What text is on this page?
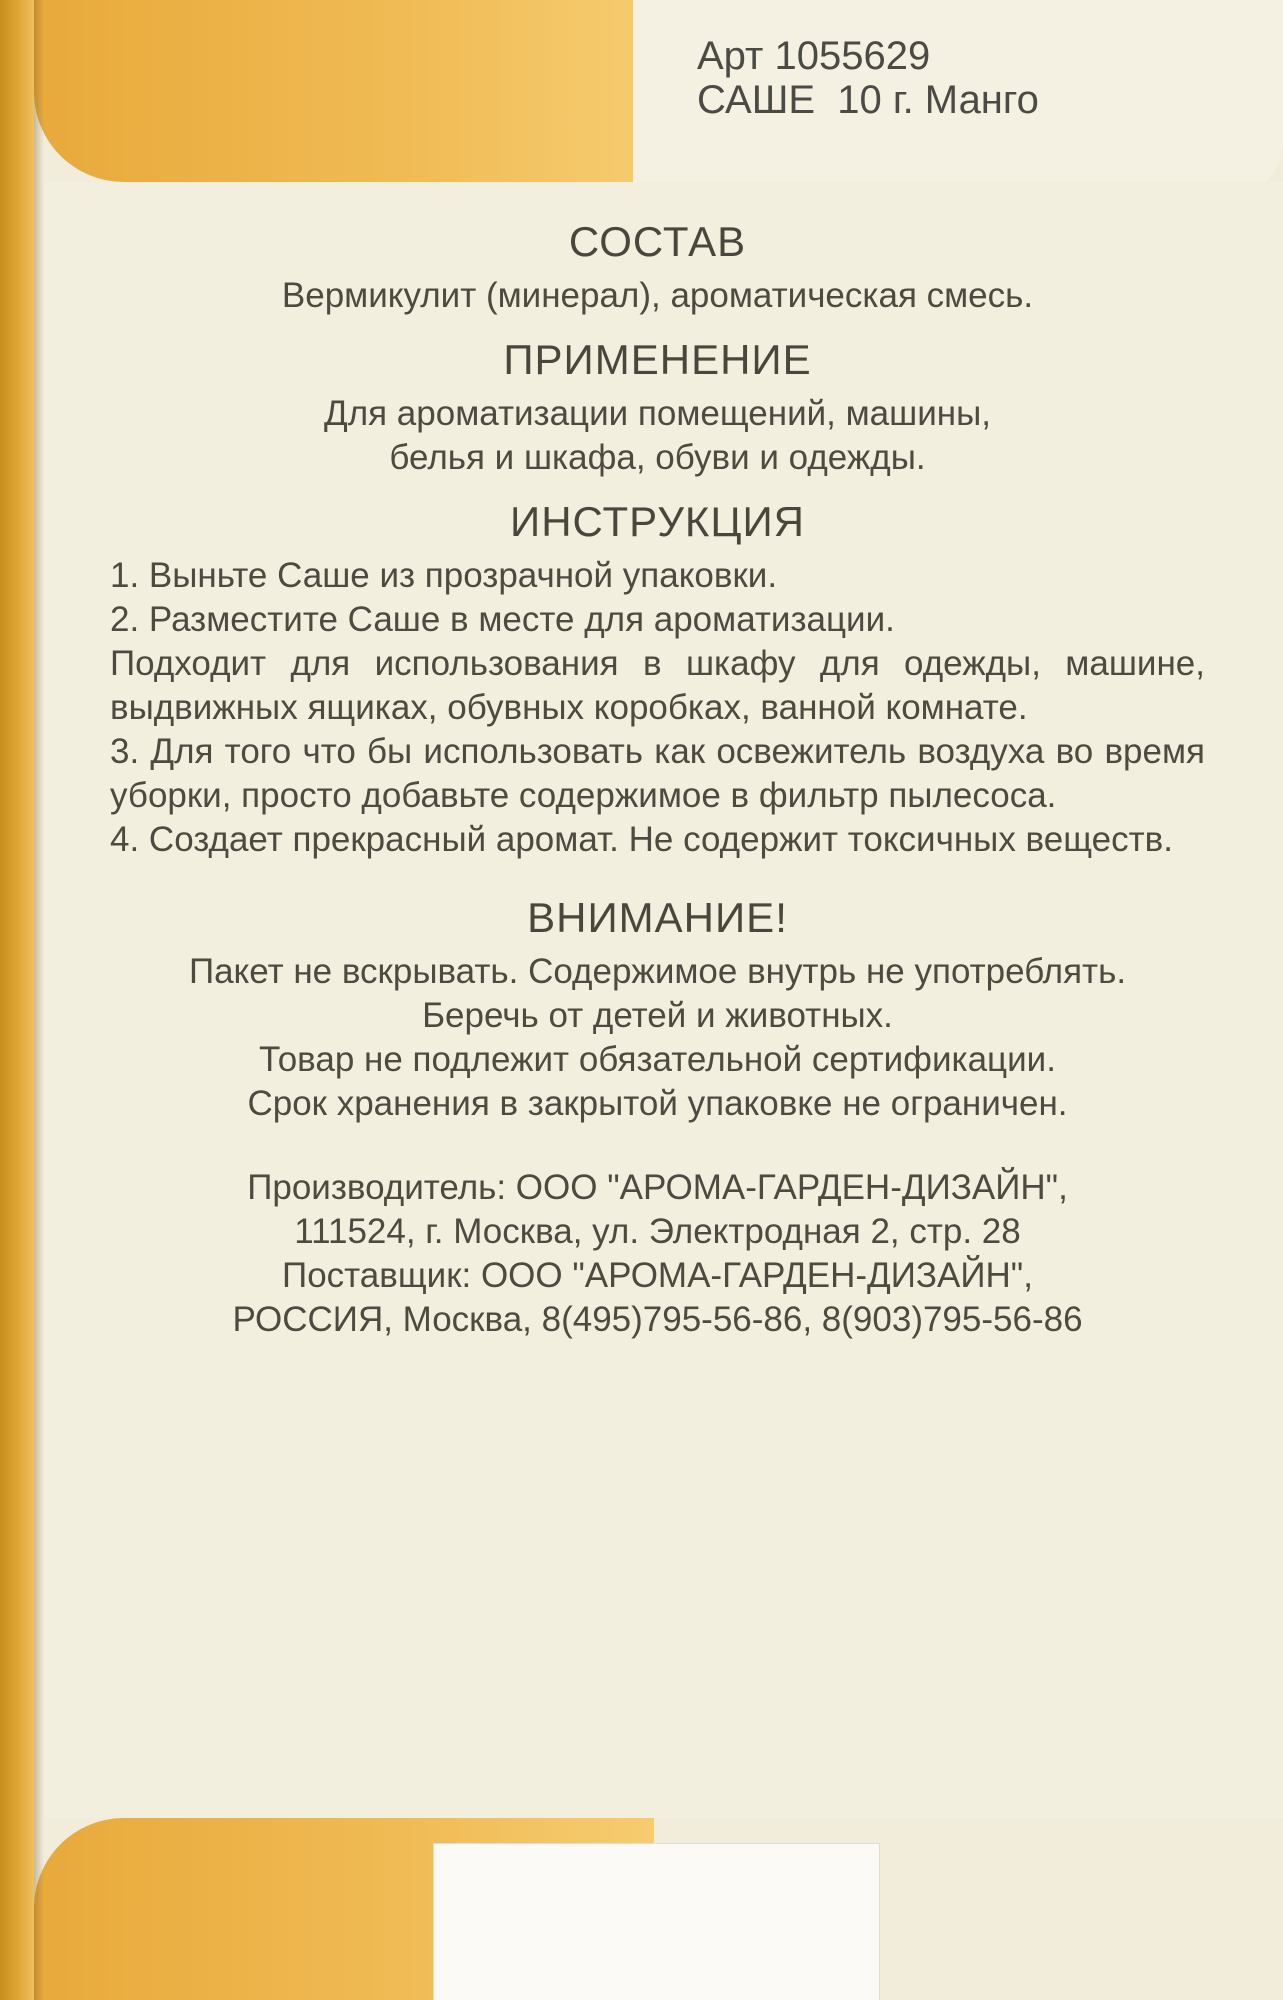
Арт 1055629
САШЕ  10 г. Манго

СОСТАВ

Вермикулит (минерал), ароматическая смесь.

ПРИМЕНЕНИЕ

Для ароматизации помещений, машины,

белья и шкафа, обуви и одежды.

ИНСТРУКЦИЯ

1. Выньте Саше из прозрачной упаковки.

2. Разместите Саше в месте для ароматизации.

Подходит для использования в шкафу для одежды, машине, выдвижных ящиках, обувных коробках, ванной комнате.

3. Для того что бы использовать как освежитель воздуха во время уборки, просто добавьте содержимое в фильтр пылесоса.

4. Создает прекрасный аромат. Не содержит токсичных веществ.

ВНИМАНИЕ!

Пакет не вскрывать. Содержимое внутрь не употреблять.

Беречь от детей и животных.

Товар не подлежит обязательной сертификации.

Срок хранения в закрытой упаковке не ограничен.

Производитель: ООО "АРОМА-ГАРДЕН-ДИЗАЙН",

111524, г. Москва, ул. Электродная 2, стр. 28

Поставщик: ООО "АРОМА-ГАРДЕН-ДИЗАЙН",

РОССИЯ, Москва, 8(495)795-56-86, 8(903)795-56-86
